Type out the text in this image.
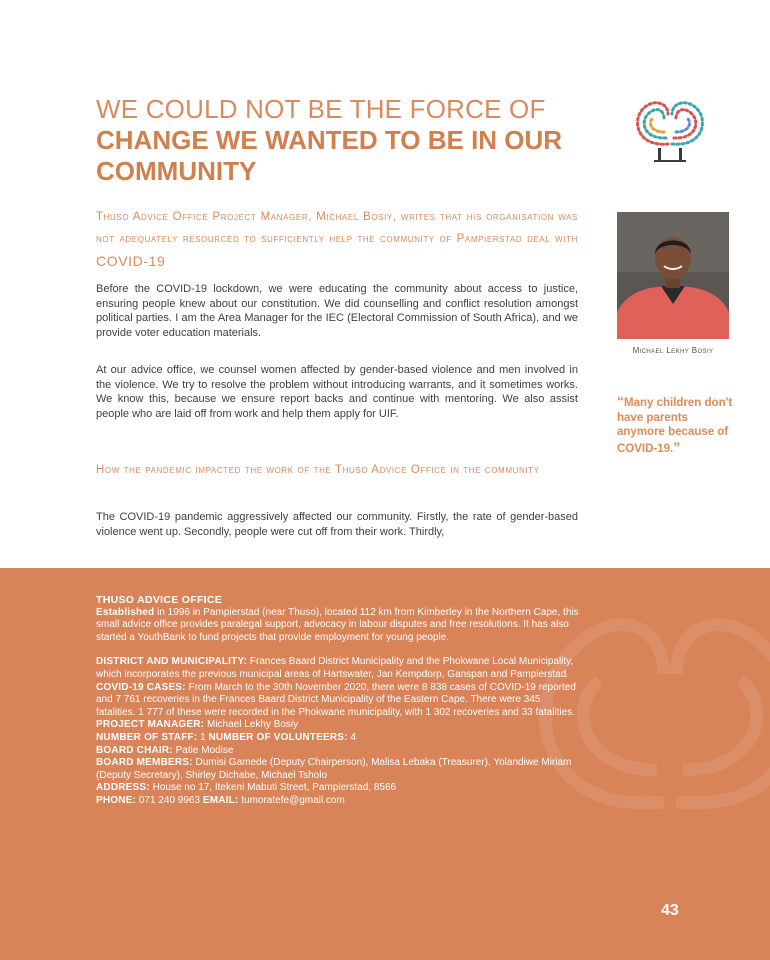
WE COULD NOT BE THE FORCE OF
CHANGE WE WANTED TO BE IN OUR
COMMUNITY
Thuso Advice Office Project Manager, Michael Bosiy, writes that his organisation was not adequately resourced to sufficiently help the community of Pampierstad deal with COVID-19
Before the COVID-19 lockdown, we were educating the community about access to justice, ensuring people knew about our constitution. We did counselling and conflict resolution amongst political parties. I am the Area Manager for the IEC (Electoral Commission of South Africa), and we provide voter education materials.
At our advice office, we counsel women affected by gender-based violence and men involved in the violence. We try to resolve the problem without introducing warrants, and it sometimes works. We know this, because we ensure report backs and continue with mentoring. We also assist people who are laid off from work and help them apply for UIF.
How the pandemic impacted the work of the Thuso Advice Office in the community
The COVID-19 pandemic aggressively affected our community. Firstly, the rate of gender-based violence went up. Secondly, people were cut off from their work. Thirdly,
Michael Lekhy Bosiy
“Many children don't have parents anymore because of COVID-19.”

THUSO ADVICE OFFICE

Established in 1996 in Pampierstad (near Thuso), located 112 km from Kimberley in the Northern Cape, this small advice office provides paralegal support, advocacy in labour disputes and free resolutions. It has also started a YouthBank to fund projects that provide employment for young people.

DISTRICT AND MUNICIPALITY: Frances Baard District Municipality and the Phokwane Local Municipality, which incorporates the previous municipal areas of Hartswater, Jan Kempdorp, Ganspan and Pampierstad.

COVID-19 CASES: From March to the 30th November 2020, there were 8 838 cases of COVID-19 reported and 7 761 recoveries in the Frances Baard District Municipality of the Eastern Cape. There were 345 fatalities. 1 777 of these were recorded in the Phokwane municipality, with 1 302 recoveries and 33 fatalities.

PROJECT MANAGER: Michael Lekhy Bosiy

NUMBER OF STAFF: 1 NUMBER OF VOLUNTEERS: 4

BOARD CHAIR: Patie Modise

BOARD MEMBERS: Dumisi Gamede (Deputy Chairperson), Malisa Lebaka (Treasurer), Yolandiwe Miriam (Deputy Secretary), Shirley Dichabe, Michael Tsholo

ADDRESS: House no 17, Itekeni Mabuti Street, Pampierstad, 8566

PHONE: 071 240 9963 EMAIL: tumoratefe@gmail.com

43
